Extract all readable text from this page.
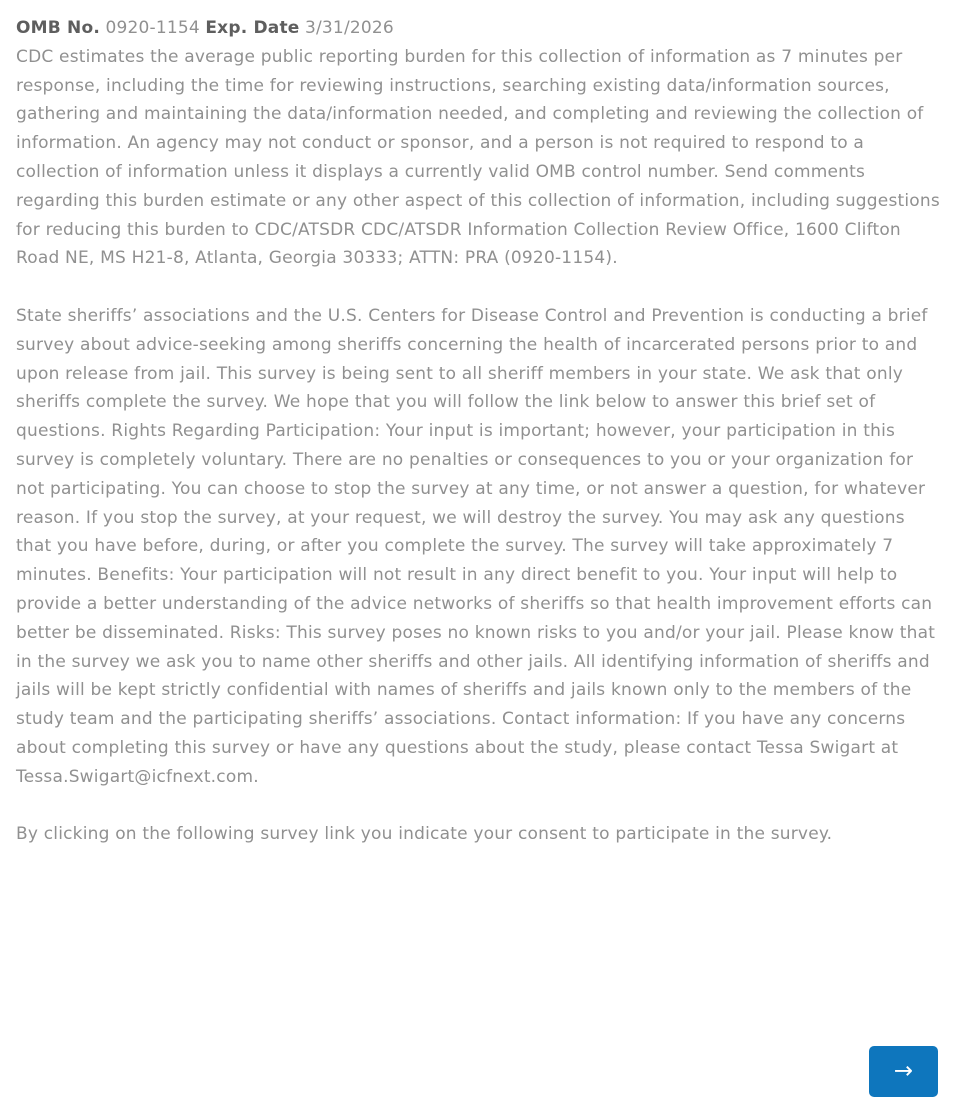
OMB No. 0920-1154 Exp. Date 3/31/2026

CDC estimates the average public reporting burden for this collection of information as 7 minutes per response, including the time for reviewing instructions, searching existing data/information sources, gathering and maintaining the data/information needed, and completing and reviewing the collection of information. An agency may not conduct or sponsor, and a person is not required to respond to a collection of information unless it displays a currently valid OMB control number. Send comments regarding this burden estimate or any other aspect of this collection of information, including suggestions for reducing this burden to CDC/ATSDR CDC/ATSDR Information Collection Review Office, 1600 Clifton Road NE, MS H21-8, Atlanta, Georgia 30333; ATTN: PRA (0920-1154).

State sheriffs’ associations and the U.S. Centers for Disease Control and Prevention is conducting a brief survey about advice-seeking among sheriffs concerning the health of incarcerated persons prior to and upon release from jail. This survey is being sent to all sheriff members in your state. We ask that only sheriffs complete the survey. We hope that you will follow the link below to answer this brief set of questions. Rights Regarding Participation: Your input is important; however, your participation in this survey is completely voluntary. There are no penalties or consequences to you or your organization for not participating. You can choose to stop the survey at any time, or not answer a question, for whatever reason. If you stop the survey, at your request, we will destroy the survey. You may ask any questions that you have before, during, or after you complete the survey. The survey will take approximately 7 minutes. Benefits: Your participation will not result in any direct benefit to you. Your input will help to provide a better understanding of the advice networks of sheriffs so that health improvement efforts can better be disseminated. Risks: This survey poses no known risks to you and/or your jail. Please know that in the survey we ask you to name other sheriffs and other jails. All identifying information of sheriffs and jails will be kept strictly confidential with names of sheriffs and jails known only to the members of the study team and the participating sheriffs’ associations. Contact information: If you have any concerns about completing this survey or have any questions about the study, please contact Tessa Swigart at Tessa.Swigart@icfnext.com.

By clicking on the following survey link you indicate your consent to participate in the survey.

→
